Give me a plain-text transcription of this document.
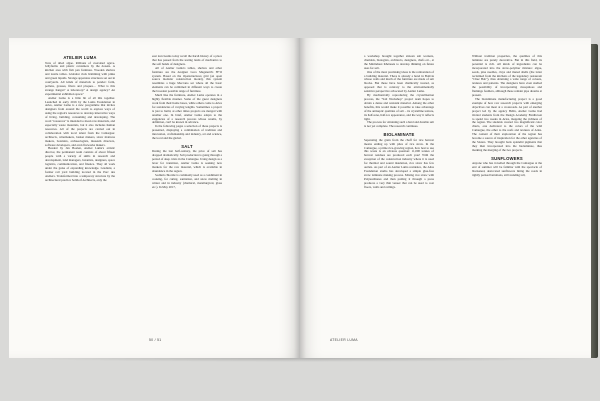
ATELIER LUMA

Tons of dried algae. Ribbons of oversized agave. Jellyfarms and plastic containers by the dozens. A kitchen area with fish pan furniture. Wooden shelves and trestle tables. Globular vials brimming with pinks and green liquids. Strange apparatus structures set out in courtyards. All kinds of materials to ponder: farm, pollens, grasses, fibers and plaques… What is this strange hangar? A laboratory? A design agency? An experimental exhibition space?

Atelier Luma is a little bit of all this together. Launched in early 2016 by the Luma Foundation in Arles, Atelier Luma is a new programme that invites designers from around the world to explore ways of using the region's resources to develop innovative ways of living, building, consuming and developing. The word "resources" is intended to mean raw materials, and especially waste materials, but it also includes human resources. All of the projects are carried out in collaboration with local talent from the Camargue: architects, winemakers, basket makers, straw mattress makers, botanists, archaeologists, museum directors, software developers, and even fireworks makers.

Headed by Jan Boelen, Atelier Luma's artistic director, the permanent team consists of about fifteen people with a variety of skills in research and development, land managers, botanists, designers, space logistics, communication, and finance. They all work under the guise of expanding knowledge. Gradient, a former rail yard building located in the Parc des Ateliers. Transformed into a temporary structure by the architectural practice Selldorf Architects, only the

east iron beams today recall the harsh history of a place that has passed from the testing lands of mechanics to the soft hands of designers.

All of Atelier Luma's tables, shelves and other furniture are the designer Luca Maganetti's H+O system. Based on the Openstructures grid (an open source modular construction model), this system resembles a huge Meccano set where all the basic elements can be combined in different ways to create the broadest possible range of furniture.

Much like the furniture, Atelier Luma operates in a highly flexible manner. Some of the guest designers work from their home bases, while others come to Arles for residencies of varying lengths. Sometimes a project is just to build, at other times projects are merged with another one. In brief, Atelier Luma adapts to the exigencies of a research process whose results, by definition, can't be known in advance.

In the following pages a selection of these projects is presented, displaying a combination of tradition and innovation, craftsmanship and industry, art and science, the local and the global.

SALT

During the last half-century, the price of salt has dropped dramatically. Salt production is going through a period of deep crisis in the Camargue. Using design as a lever for transition, Atelier Luma is seeking new markets for the raw material, which is available in abundance in the region.

Sodium chloride is commonly used as a condiment in cooking, for curing, sanitation, and snow melting in winter and in industry (chemical, metallurgical, glass etc.). In May 2017,

50 / 51

a workshop brought together sixteen salt workers, chemists, biologists, architects, designers, chefs etc., at the Mérindaux Khéresée to develop thinking on future uses for salt.

One of the most promising ideas is the reinvention of a building material. There is already a hotel in Bolivia whose walls and much of the furniture are made of salt blocks. But these have been chemically treated, as opposed that is contrary to the environmentally sensitive perspective advocated by Atelier Luma.

By mechanically reproducing the crystallisation process, the "Salt Workshop" project team hopes to obtain a dense and resistant material. Among the other benefits, this would make it possible to take advantage of the antiseptic qualities of salt – its crystalline texture, its half-tone, half-ice appearance, and the way it reflects light.

The process for obtaining such a hard and durable salt is not yet complete. The research continues.

BIOLAMINATE

Separating the grain from the chaff for rice harvest means ending up with piles of rice straw. In the Camargue, a prime rice-growing region, how best to use this waste is an obvious question: 11,000 tonnes of harvest residues are produced each year! With the exception of the construction industry where it is used for thermal and sound insulation, rice straw has few outlets. As part of an Atelier Luma residence, the Atlas Foundation studio has developed a simple glue-free straw laminate making process. Mixing rice straw with Polyurethanes and then putting it through a press produces a very thin veneer that can be used to coat floors, walls and ceilings.

Without tradition properties, the qualities of this laminate are purely decorative. But in this field, its potential is rich. All kinds of ingredients can be incorporated into the straw-polymer mixture: algae, seeds, pine needles, clays and muted shells (the latter reclaimed from the kitchens of the legendary restaurant "Chez Bob"), thus obtaining a wide range of colours, textures and patterns. The designers have even studied the possibility of incorporating mosquitoes and flamingo feathers, although these remain pipe dreams at present.

The biolaminate manufacturing project is a good example of how raw research projects with emerging objectives can meet at a crossroads. As part of another project led by the agency Bélin, Atelier Luma had invited students from the Design Academy Eindhoven to spend two weeks in Arles, mapping the richness of the region. The students created two magnificent color charts, one dedicated to the colors of the wild Camargue, the other to the reefs and textures of Arles. The content of their exploration of the region has become a source of inspiration for the other agencies of the Sisters. They brought back splendid pigments that they then incorporated into the biolaminate, thus marking the merging of the two projects.

SUNFLOWERS

Anyone who has travelled through the Camargue at the end of summer will be familiar with the spectacle of blackened, desiccated sunflowers lining the roads in tightly packed battalions, still standing tall,

ATELIER LUMA
